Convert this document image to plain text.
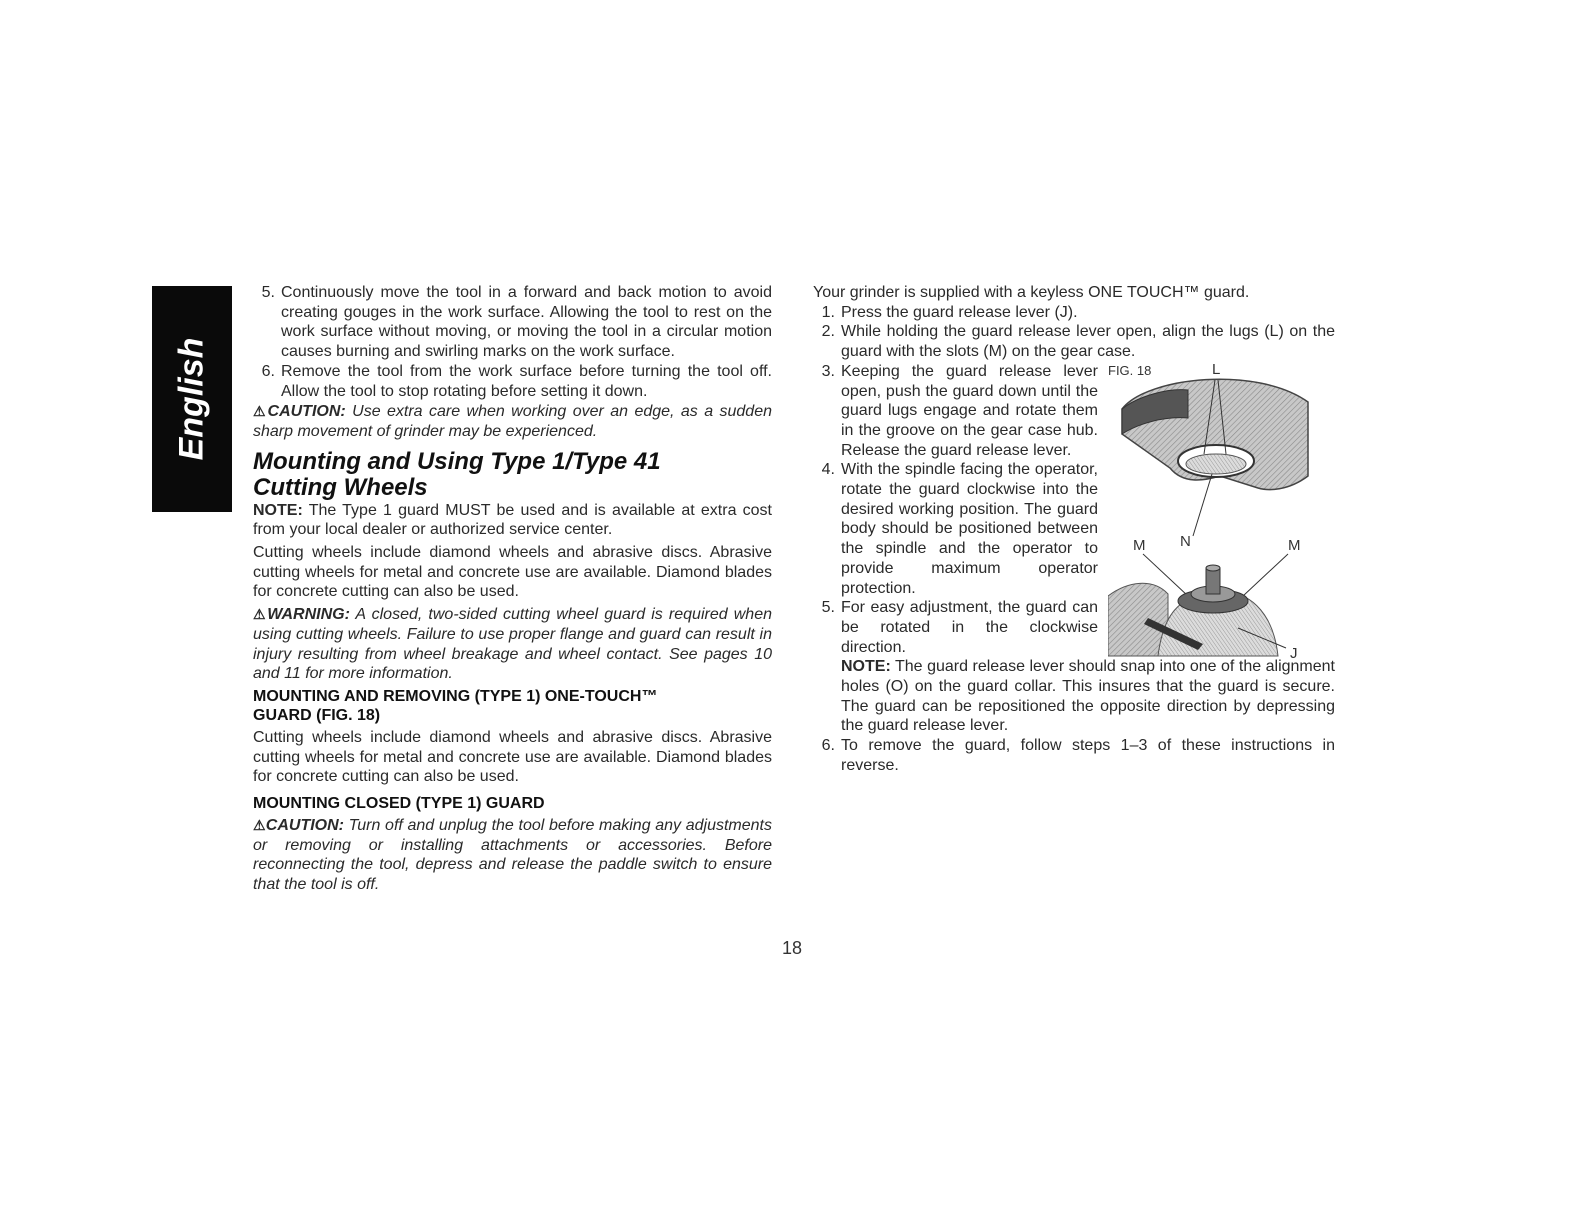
English
5. Continuously move the tool in a forward and back motion to avoid creating gouges in the work surface. Allowing the tool to rest on the work surface without moving, or moving the tool in a circular motion causes burning and swirling marks on the work surface.
6. Remove the tool from the work surface before turning the tool off. Allow the tool to stop rotating before setting it down.

⚠CAUTION: Use extra care when working over an edge, as a sudden sharp movement of grinder may be experienced.

Mounting and Using Type 1/Type 41
Cutting Wheels

NOTE: The Type 1 guard MUST be used and is available at extra cost from your local dealer or authorized service center.

Cutting wheels include diamond wheels and abrasive discs. Abrasive cutting wheels for metal and concrete use are available. Diamond blades for concrete cutting can also be used.

⚠WARNING: A closed, two-sided cutting wheel guard is required when using cutting wheels. Failure to use proper flange and guard can result in injury resulting from wheel breakage and wheel contact. See pages 10 and 11 for more information.

MOUNTING AND REMOVING (TYPE 1) ONE-TOUCH™
GUARD (FIG. 18)

Cutting wheels include diamond wheels and abrasive discs. Abrasive cutting wheels for metal and concrete use are available. Diamond blades for concrete cutting can also be used.

MOUNTING CLOSED (TYPE 1) GUARD

⚠CAUTION: Turn off and unplug the tool before making any adjustments or removing or installing attachments or accessories. Before reconnecting the tool, depress and release the paddle switch to ensure that the tool is off.

Your grinder is supplied with a keyless ONE TOUCH™ guard.

1. Press the guard release lever (J).
2. While holding the guard release lever open, align the lugs (L) on the guard with the slots (M) on the gear case.
3. Keeping the guard release lever open, push the guard down until the guard lugs engage and rotate them in the groove on the gear case hub. Release the guard release lever.
4. With the spindle facing the operator, rotate the guard clockwise into the desired working position. The guard body should be positioned between the spindle and the operator to provide maximum operator protection.
5. For easy adjustment, the guard can be rotated in the clockwise direction.
FIG. 18	L
M N	M
J

NOTE: The guard release lever should snap into one of the alignment holes (O) on the guard collar. This insures that the guard is secure. The guard can be repositioned the opposite direction by depressing the guard release lever.

6. To remove the guard, follow steps 1–3 of these instructions in reverse.
18
